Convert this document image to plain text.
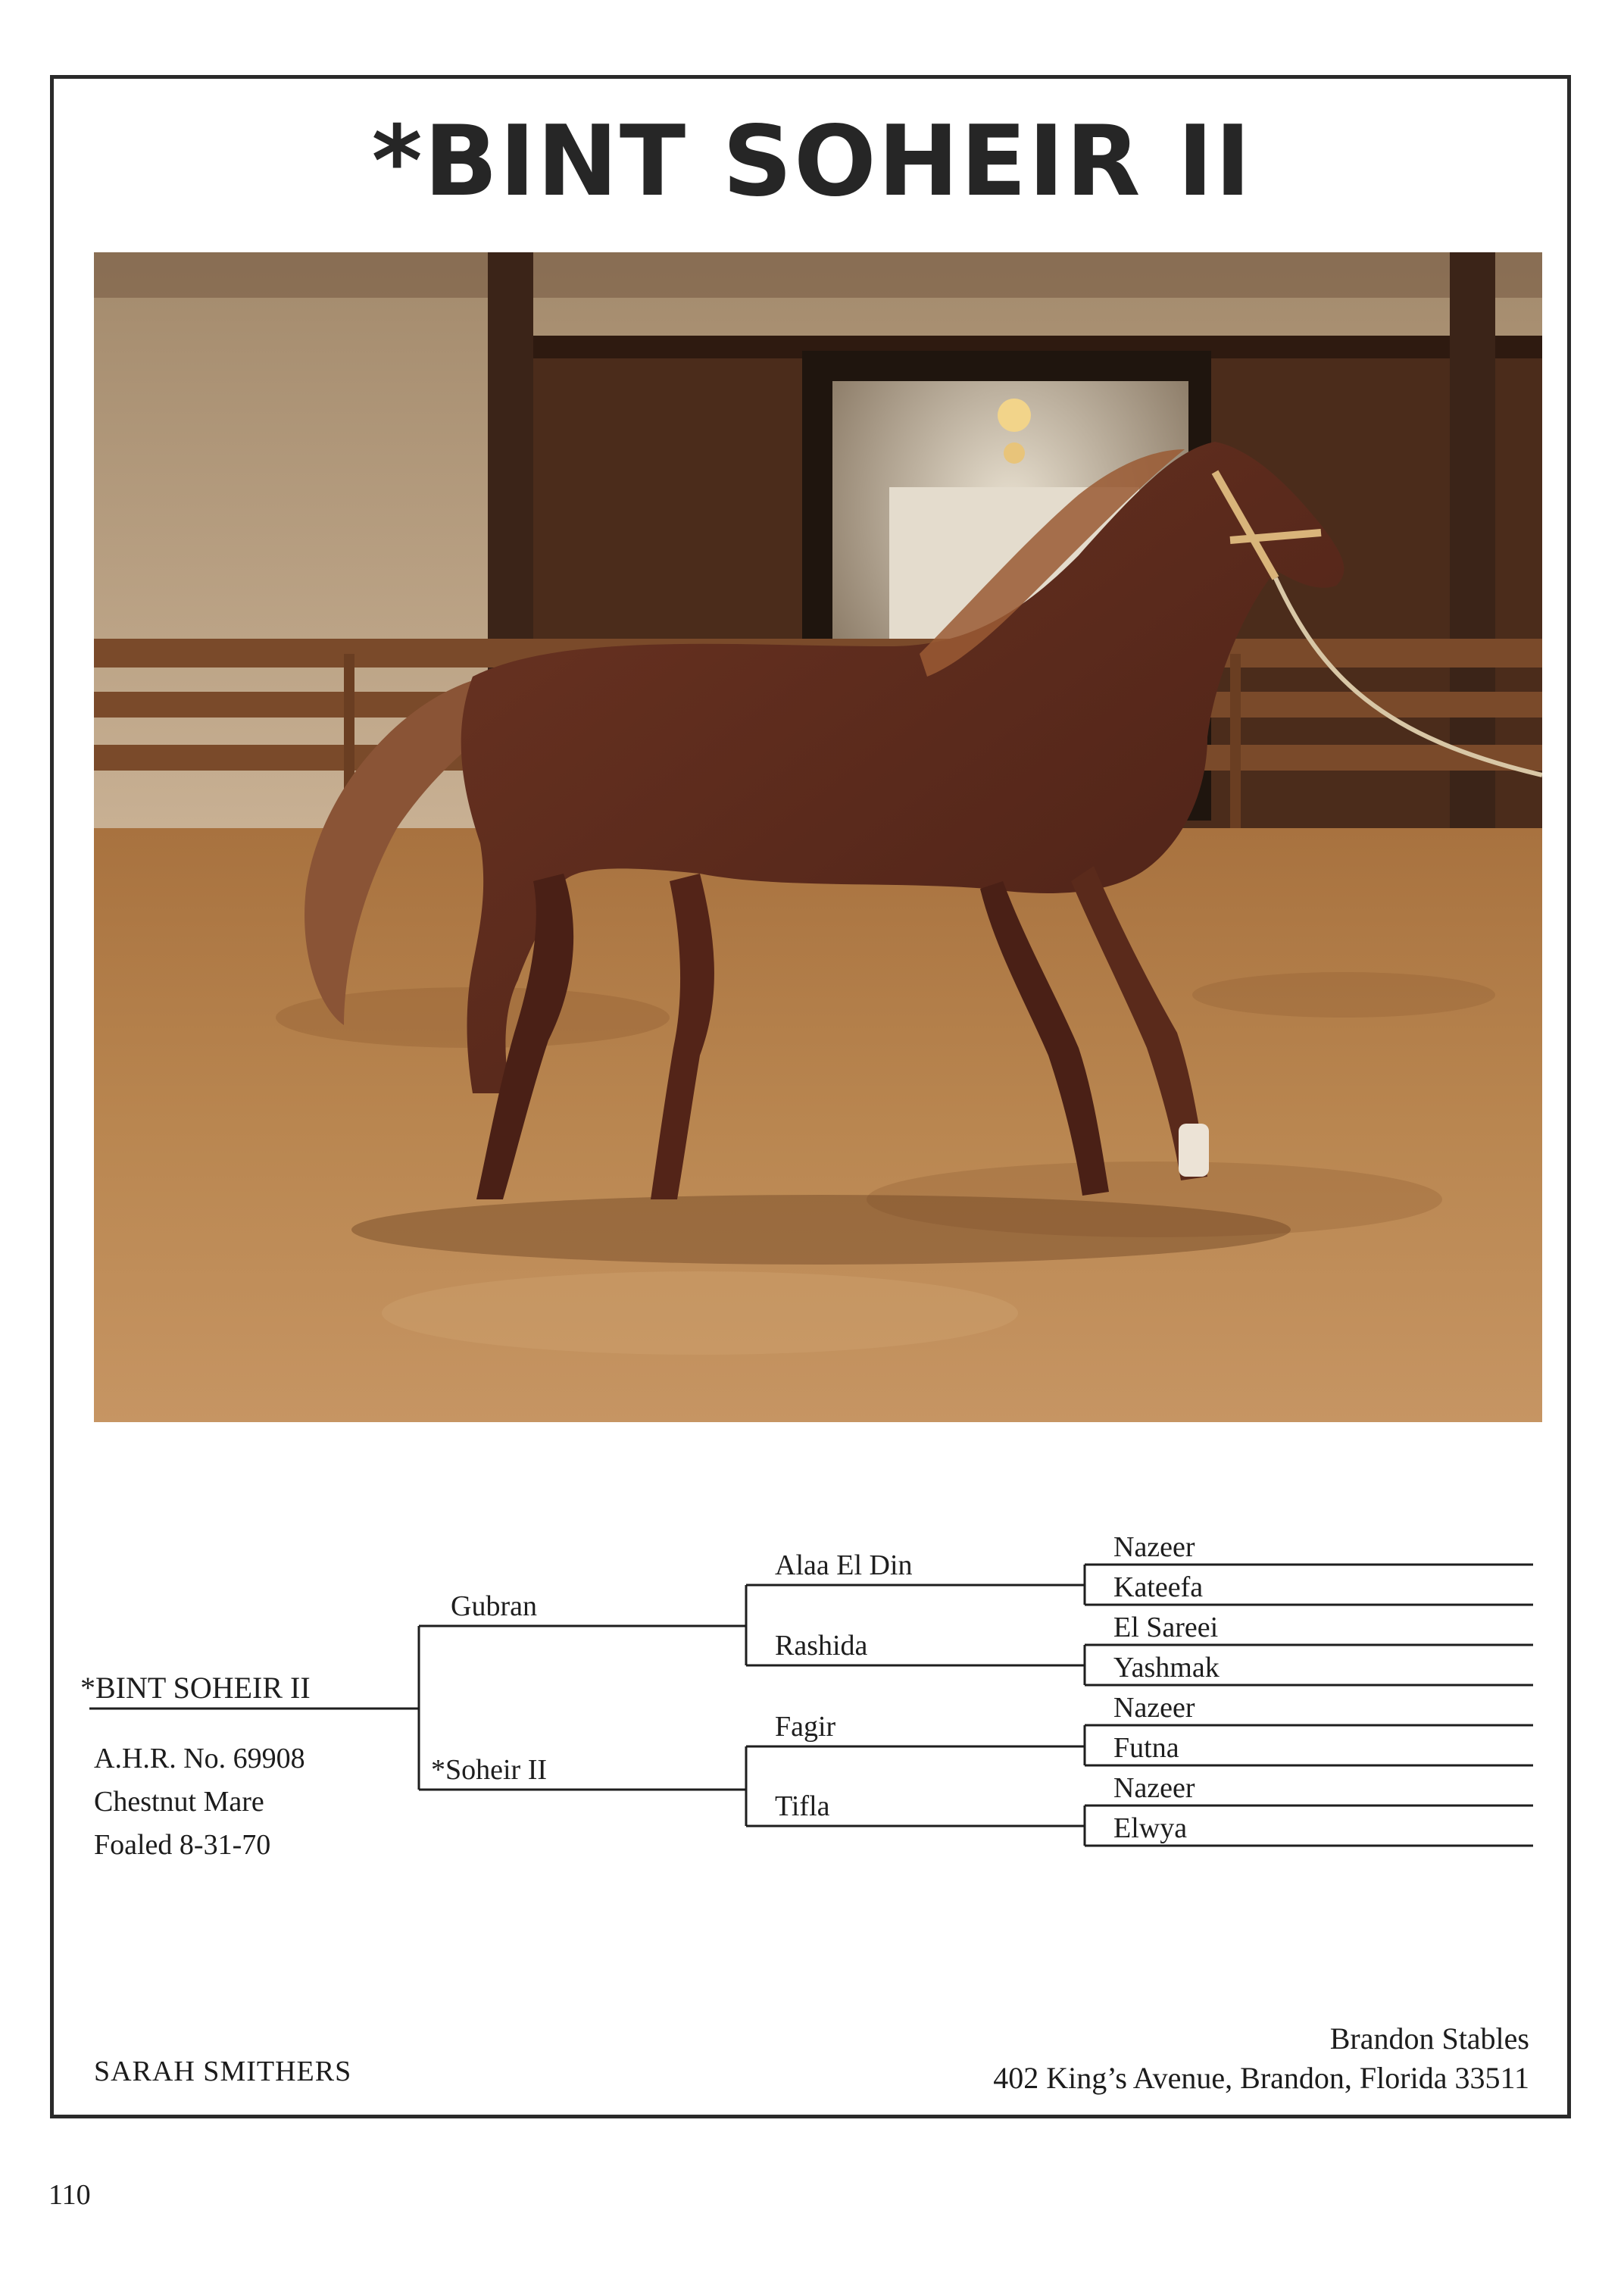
*BINT SOHEIR II
*BINT SOHEIR II
A.H.R. No. 69908
Chestnut Mare
Foaled 8-31-70
Gubran
*Soheir II
Alaa El Din
Rashida
Fagir
Tifla
Nazeer
Kateefa
El Sareei
Yashmak
Nazeer
Futna
Nazeer
Elwya
SARAH SMITHERS
Brandon Stables
402 King’s Avenue, Brandon, Florida 33511
110
